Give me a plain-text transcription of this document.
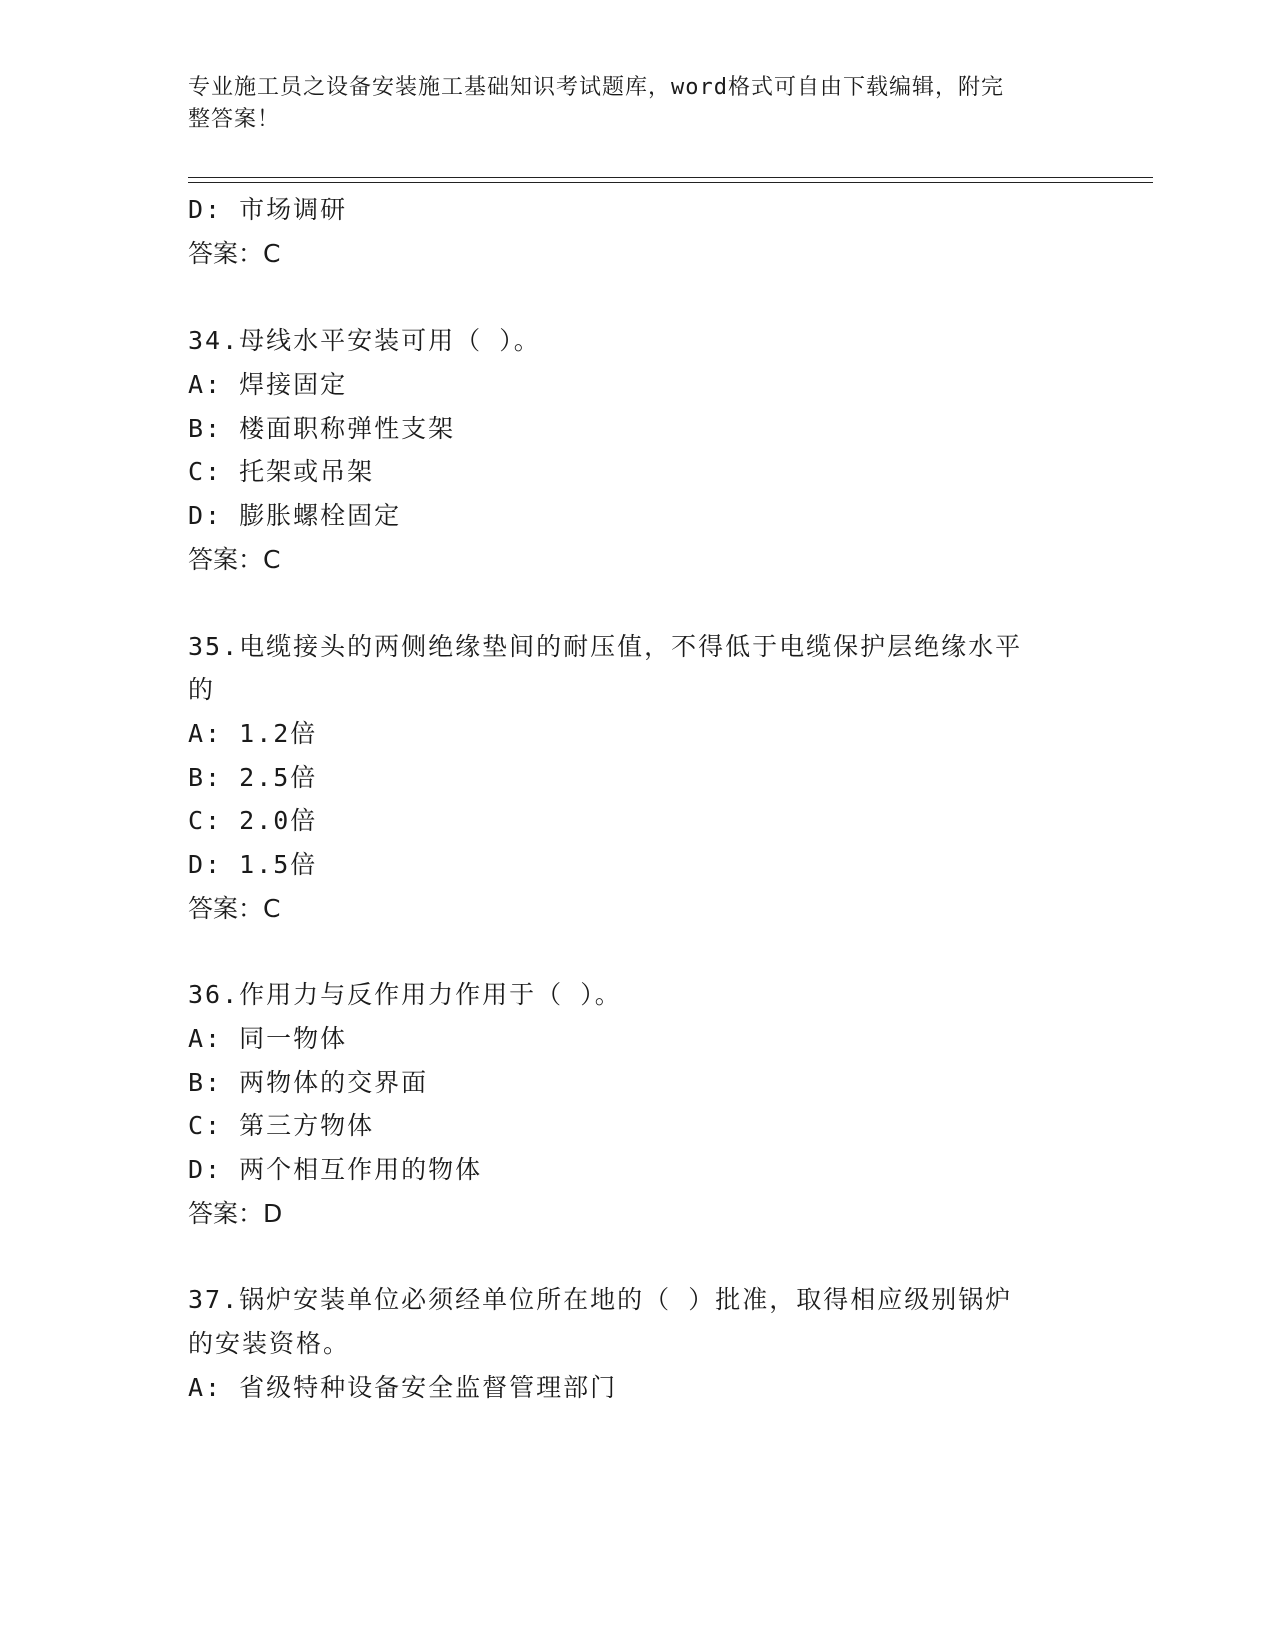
专业施工员之设备安装施工基础知识考试题库，word格式可自由下载编辑，附完
整答案！
D: 市场调研
答案：C
34.母线水平安装可用（ ）。
A: 焊接固定
B: 楼面职称弹性支架
C: 托架或吊架
D: 膨胀螺栓固定
答案：C
35.电缆接头的两侧绝缘垫间的耐压值，不得低于电缆保护层绝缘水平
的
A: 1.2倍
B: 2.5倍
C: 2.0倍
D: 1.5倍
答案：C
36.作用力与反作用力作用于（ ）。
A: 同一物体
B: 两物体的交界面
C: 第三方物体
D: 两个相互作用的物体
答案：D
37.锅炉安装单位必须经单位所在地的（ ）批准，取得相应级别锅炉
的安装资格。
A: 省级特种设备安全监督管理部门
